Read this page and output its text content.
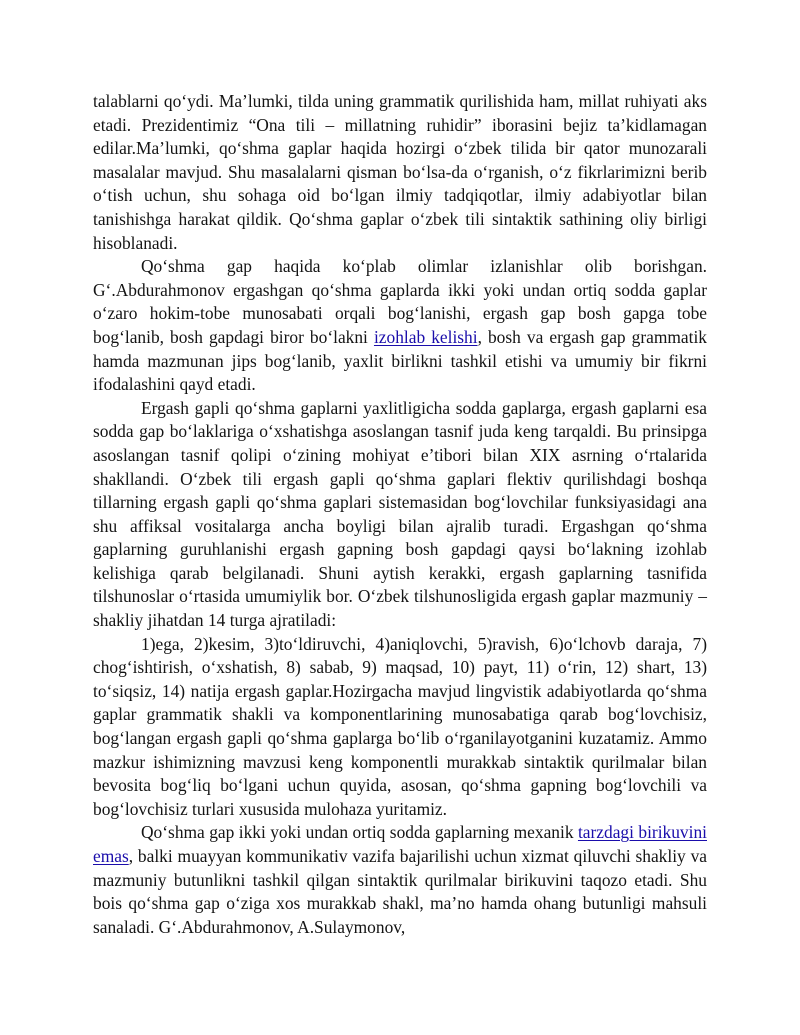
talablarni qo‘ydi. Ma’lumki, tilda uning grammatik qurilishida ham, millat ruhiyati aks etadi. Prezidentimiz “Ona tili – millatning ruhidir” iborasini bejiz ta’kidlamagan edilar.Ma’lumki, qo‘shma gaplar haqida hozirgi o‘zbek tilida bir qator munozarali masalalar mavjud. Shu masalalarni qisman bo‘lsa-da o‘rganish, o‘z fikrlarimizni berib o‘tish uchun, shu sohaga oid bo‘lgan ilmiy tadqiqotlar, ilmiy adabiyotlar bilan tanishishga harakat qildik. Qo‘shma gaplar o‘zbek tili sintaktik sathining oliy birligi hisoblanadi.

Qo‘shma gap haqida ko‘plab olimlar izlanishlar olib borishgan. G‘.Abdurahmonov ergashgan qo‘shma gaplarda ikki yoki undan ortiq sodda gaplar o‘zaro hokim-tobe munosabati orqali bog‘lanishi, ergash gap bosh gapga tobe bog‘lanib, bosh gapdagi biror bo‘lakni izohlab kelishi, bosh va ergash gap grammatik hamda mazmunan jips bog‘lanib, yaxlit birlikni tashkil etishi va umumiy bir fikrni ifodalashini qayd etadi.

Ergash gapli qo‘shma gaplarni yaxlitligicha sodda gaplarga, ergash gaplarni esa sodda gap bo‘laklariga o‘xshatishga asoslangan tasnif juda keng tarqaldi. Bu prinsipga asoslangan tasnif qolipi o‘zining mohiyat e’tibori bilan XIX asrning o‘rtalarida shakllandi. O‘zbek tili ergash gapli qo‘shma gaplari flektiv qurilishdagi boshqa tillarning ergash gapli qo‘shma gaplari sistemasidan bog‘lovchilar funksiyasidagi ana shu affiksal vositalarga ancha boyligi bilan ajralib turadi. Ergashgan qo‘shma gaplarning guruhlanishi ergash gapning bosh gapdagi qaysi bo‘lakning izohlab kelishiga qarab belgilanadi. Shuni aytish kerakki, ergash gaplarning tasnifida tilshunoslar o‘rtasida umumiylik bor. O‘zbek tilshunosligida ergash gaplar mazmuniy – shakliy jihatdan 14 turga ajratiladi:

1)ega, 2)kesim, 3)to‘ldiruvchi, 4)aniqlovchi, 5)ravish, 6)o‘lchovb daraja, 7) chog‘ishtirish, o‘xshatish, 8) sabab, 9) maqsad, 10) payt, 11) o‘rin, 12) shart, 13) to‘siqsiz, 14) natija ergash gaplar.Hozirgacha mavjud lingvistik adabiyotlarda qo‘shma gaplar grammatik shakli va komponentlarining munosabatiga qarab bog‘lovchisiz, bog‘langan ergash gapli qo‘shma gaplarga bo‘lib o‘rganilayotganini kuzatamiz. Ammo mazkur ishimizning mavzusi keng komponentli murakkab sintaktik qurilmalar bilan bevosita bog‘liq bo‘lgani uchun quyida, asosan, qo‘shma gapning bog‘lovchili va bog‘lovchisiz turlari xususida mulohaza yuritamiz.

Qo‘shma gap ikki yoki undan ortiq sodda gaplarning mexanik tarzdagi birikuvini emas, balki muayyan kommunikativ vazifa bajarilishi uchun xizmat qiluvchi shakliy va mazmuniy butunlikni tashkil qilgan sintaktik qurilmalar birikuvini taqozo etadi. Shu bois qo‘shma gap o‘ziga xos murakkab shakl, ma’no hamda ohang butunligi mahsuli sanaladi. G‘.Abdurahmonov, A.Sulaymonov,
